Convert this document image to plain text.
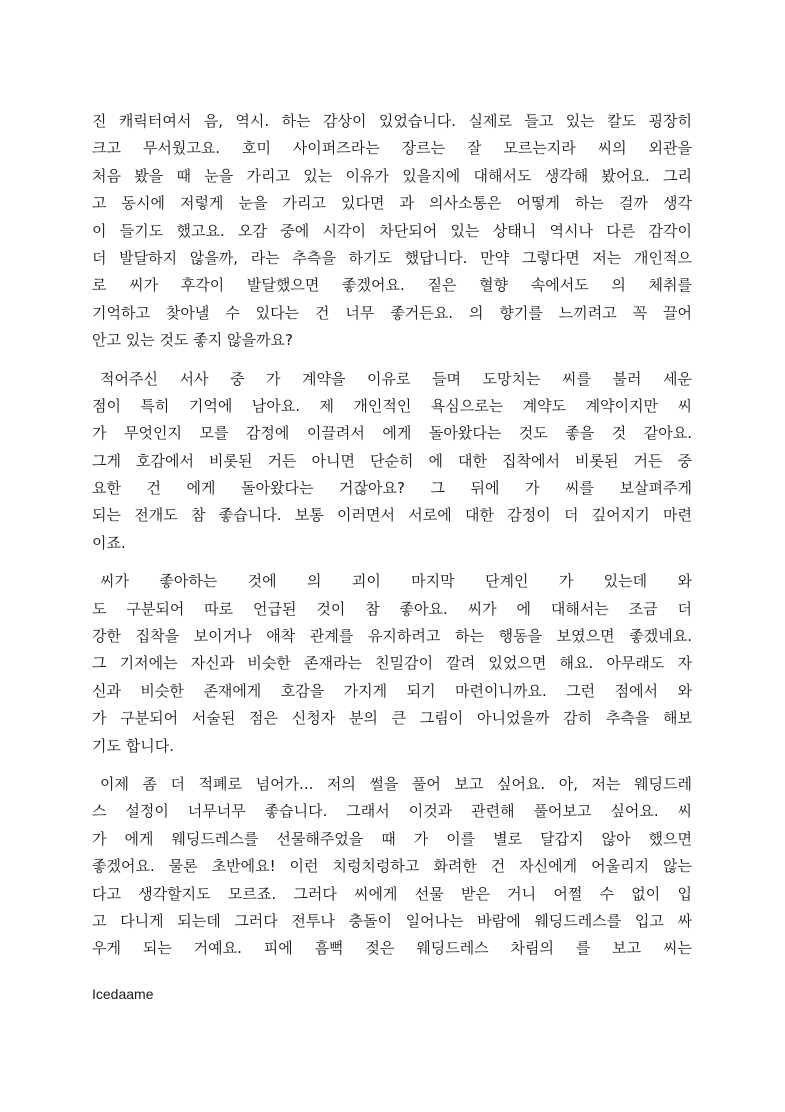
진 캐릭터여서 음, 역시. 하는 감상이 있었습니다. 실제로 들고 있는 칼도 굉장히
크고 무서웠고요. 호미 사이퍼즈라는 장르는 잘 모르는지라 씨의 외관을
처음 봤을 때 눈을 가리고 있는 이유가 있을지에 대해서도 생각해 봤어요. 그리
고 동시에 저렇게 눈을 가리고 있다면 과 의사소통은 어떻게 하는 걸까 생각
이 들기도 했고요. 오감 중에 시각이 차단되어 있는 상태니 역시나 다른 감각이
더 발달하지 않을까, 라는 추측을 하기도 했답니다. 만약 그렇다면 저는 개인적으
로 씨가 후각이 발달했으면 좋겠어요. 짙은 혈향 속에서도 의 체취를
기억하고 찾아낼 수 있다는 건 너무 좋거든요. 의 향기를 느끼려고 꼭 끌어
안고 있는 것도 좋지 않을까요?
적어주신 서사 중 가 계약을 이유로 들며 도망치는 씨를 불러 세운
점이 특히 기억에 남아요. 제 개인적인 욕심으로는 계약도 계약이지만 씨
가 무엇인지 모를 감정에 이끌려서 에게 돌아왔다는 것도 좋을 것 같아요.
그게 호감에서 비롯된 거든 아니면 단순히 에 대한 집착에서 비롯된 거든 중
요한 건 에게 돌아왔다는 거잖아요? 그 뒤에 가 씨를 보살펴주게
되는 전개도 참 좋습니다. 보통 이러면서 서로에 대한 감정이 더 깊어지기 마련
이죠.
씨가 좋아하는 것에 의 괴이 마지막 단계인 가 있는데 와
도 구분되어 따로 언급된 것이 참 좋아요. 씨가 에 대해서는 조금 더
강한 집착을 보이거나 애착 관계를 유지하려고 하는 행동을 보였으면 좋겠네요.
그 기저에는 자신과 비슷한 존재라는 친밀감이 깔려 있었으면 해요. 아무래도 자
신과 비슷한 존재에게 호감을 가지게 되기 마련이니까요. 그런 점에서 와
가 구분되어 서술된 점은 신청자 분의 큰 그림이 아니었을까 감히 추측을 해보
기도 합니다.
이제 좀 더 적폐로 넘어가... 저의 썰을 풀어 보고 싶어요. 아, 저는 웨딩드레
스 설정이 너무너무 좋습니다. 그래서 이것과 관련해 풀어보고 싶어요. 씨
가 에게 웨딩드레스를 선물해주었을 때 가 이를 별로 달갑지 않아 했으면
좋겠어요. 물론 초반에요! 이런 치렁치렁하고 화려한 건 자신에게 어울리지 않는
다고 생각할지도 모르죠. 그러다 씨에게 선물 받은 거니 어쩔 수 없이 입
고 다니게 되는데 그러다 전투나 충돌이 일어나는 바람에 웨딩드레스를 입고 싸
우게 되는 거예요. 피에 흠뻑 젖은 웨딩드레스 차림의 를 보고 씨는
Icedaame
